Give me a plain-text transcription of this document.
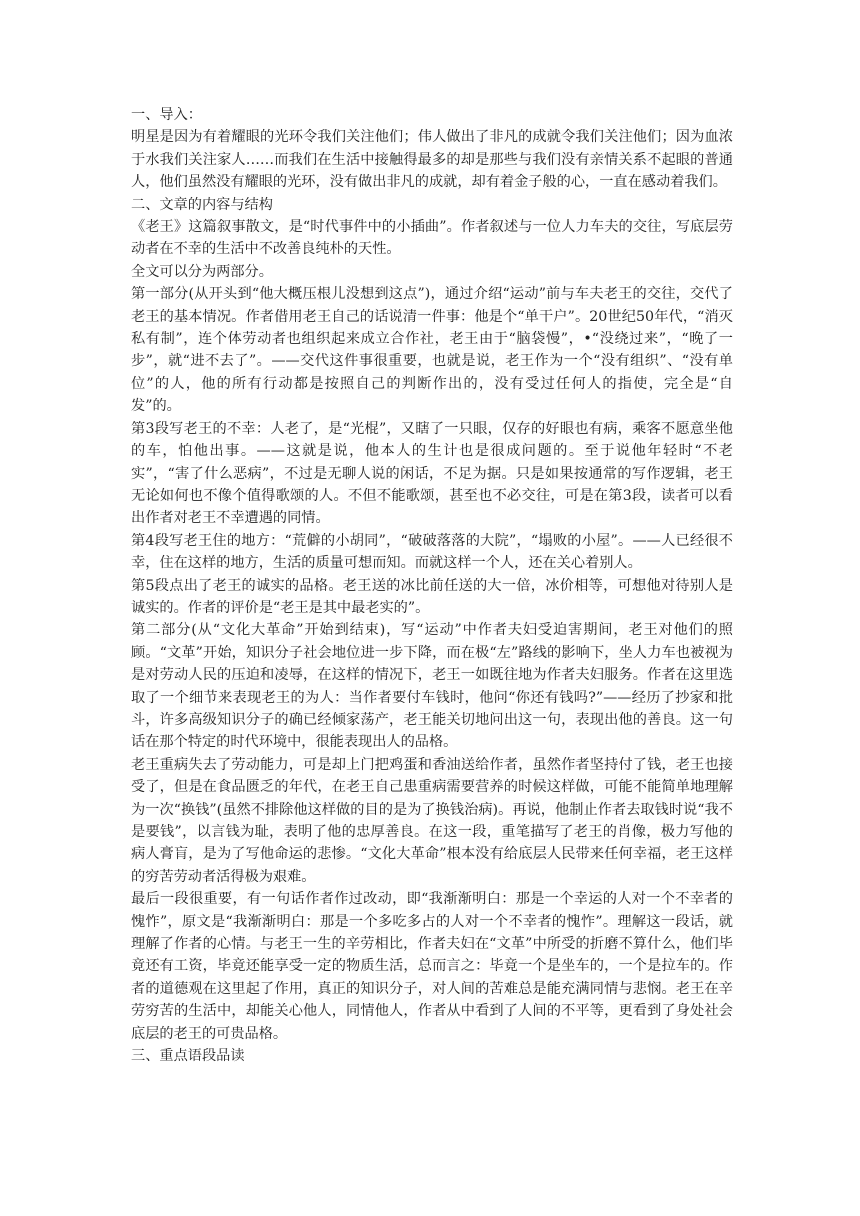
一、导入：

明星是因为有着耀眼的光环令我们关注他们；伟人做出了非凡的成就令我们关注他们；因为血浓于水我们关注家人……而我们在生活中接触得最多的却是那些与我们没有亲情关系不起眼的普通人，他们虽然没有耀眼的光环，没有做出非凡的成就，却有着金子般的心，一直在感动着我们。

二、文章的内容与结构

《老王》这篇叙事散文，是“时代事件中的小插曲”。作者叙述与一位人力车夫的交往，写底层劳动者在不幸的生活中不改善良纯朴的天性。

全文可以分为两部分。

第一部分(从开头到“他大概压根儿没想到这点”)，通过介绍“运动”前与车夫老王的交往，交代了老王的基本情况。作者借用老王自己的话说清一件事：他是个“单干户”。20世纪50年代，“消灭私有制”，连个体劳动者也组织起来成立合作社，老王由于“脑袋慢”，•“没绕过来”，“晚了一步”，就“进不去了”。——交代这件事很重要，也就是说，老王作为一个“没有组织”、“没有单位”的人，他的所有行动都是按照自己的判断作出的，没有受过任何人的指使，完全是“自发”的。

第3段写老王的不幸：人老了，是“光棍”，又瞎了一只眼，仅存的好眼也有病，乘客不愿意坐他的车，怕他出事。——这就是说，他本人的生计也是很成问题的。至于说他年轻时“不老实”，“害了什么恶病”，不过是无聊人说的闲话，不足为据。只是如果按通常的写作逻辑，老王无论如何也不像个值得歌颂的人。不但不能歌颂，甚至也不必交往，可是在第3段，读者可以看出作者对老王不幸遭遇的同情。

第4段写老王住的地方：“荒僻的小胡同”，“破破落落的大院”，“塌败的小屋”。——人已经很不幸，住在这样的地方，生活的质量可想而知。而就这样一个人，还在关心着别人。

第5段点出了老王的诚实的品格。老王送的冰比前任送的大一倍，冰价相等，可想他对待别人是诚实的。作者的评价是“老王是其中最老实的”。

第二部分(从“文化大革命”开始到结束)，写“运动”中作者夫妇受迫害期间，老王对他们的照顾。“文革”开始，知识分子社会地位进一步下降，而在极“左”路线的影响下，坐人力车也被视为是对劳动人民的压迫和凌辱，在这样的情况下，老王一如既往地为作者夫妇服务。作者在这里选取了一个细节来表现老王的为人：当作者要付车钱时，他问“你还有钱吗?”——经历了抄家和批斗，许多高级知识分子的确已经倾家荡产，老王能关切地问出这一句，表现出他的善良。这一句话在那个特定的时代环境中，很能表现出人的品格。

老王重病失去了劳动能力，可是却上门把鸡蛋和香油送给作者，虽然作者坚持付了钱，老王也接受了，但是在食品匮乏的年代，在老王自己患重病需要营养的时候这样做，可能不能简单地理解为一次“换钱”(虽然不排除他这样做的目的是为了换钱治病)。再说，他制止作者去取钱时说“我不是要钱”，以言钱为耻，表明了他的忠厚善良。在这一段，重笔描写了老王的肖像，极力写他的病人膏肓，是为了写他命运的悲惨。“文化大革命”根本没有给底层人民带来任何幸福，老王这样的穷苦劳动者活得极为艰难。

最后一段很重要，有一句话作者作过改动，即“我渐渐明白：那是一个幸运的人对一个不幸者的愧怍”，原文是“我渐渐明白：那是一个多吃多占的人对一个不幸者的愧怍”。理解这一段话，就理解了作者的心情。与老王一生的辛劳相比，作者夫妇在“文革”中所受的折磨不算什么，他们毕竟还有工资，毕竟还能享受一定的物质生活，总而言之：毕竟一个是坐车的，一个是拉车的。作者的道德观在这里起了作用，真正的知识分子，对人间的苦难总是能充满同情与悲悯。老王在辛劳穷苦的生活中，却能关心他人，同情他人，作者从中看到了人间的不平等，更看到了身处社会底层的老王的可贵品格。

三、重点语段品读
